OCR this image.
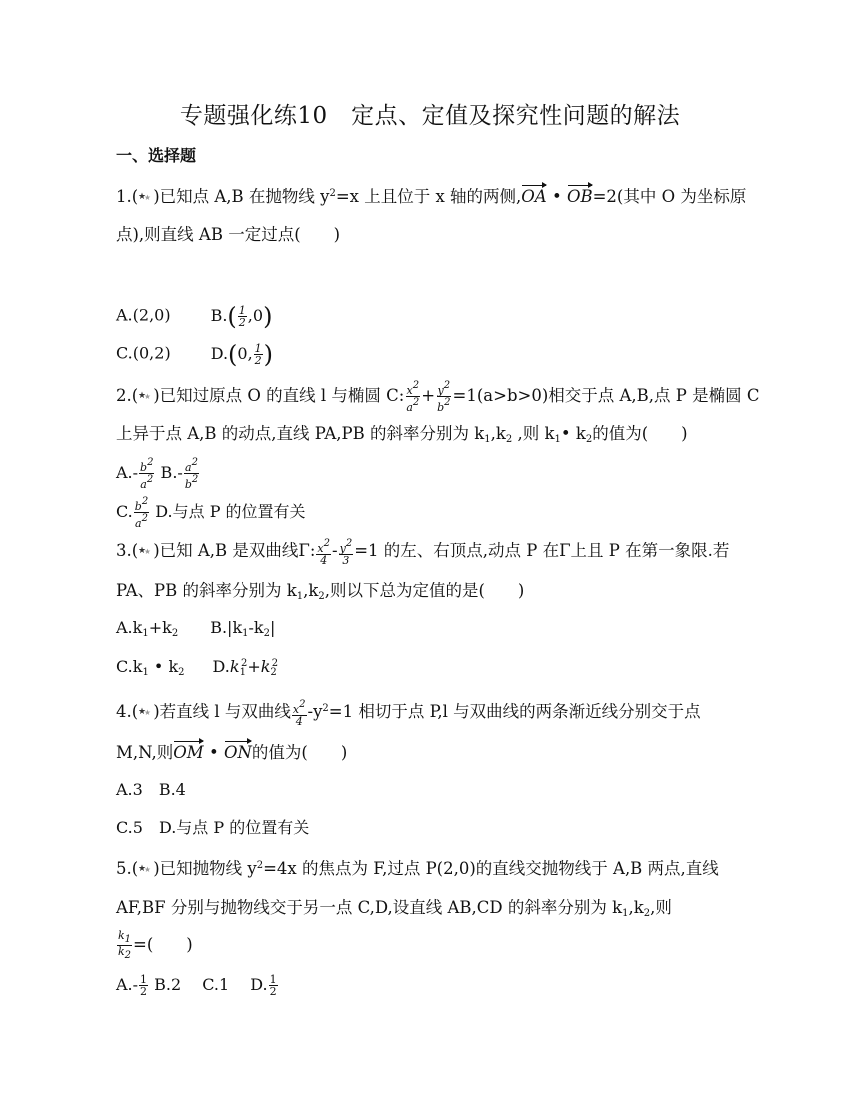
专题强化练10　定点、定值及探究性问题的解法
一、选择题
1.( )已知点 A,B 在抛物线 $y^2=x$ 上且位于 x 轴的两侧,OA • OB=2(其中 O 为坐标原
点),则直线 AB 一定过点(　　)
A.(2,0)	$B.( \frac{1}{2} ,0)$
C.(0,2)	D.(0, $\frac{1}{2}$ )
2.( )已知过原点 O 的直线 l 与椭圆 C: $\frac{x^2}{a^2} + \frac{y^2}{b^2} =1(a>b>0)$相交于点 A,B,点 P 是椭圆 C
上异于点 A,B 的动点,直线 PA,PB 的斜率分别为 $k_1,k_2$ ,则 $k_1•$ $k_2$的值为(　　)
$A.- \frac{b^2}{a^2} B.- \frac{a^2}{b^2}$
C. $\frac{b^2}{a^2} D$.与点 P 的位置有关
3.( )已知 A,B 是双曲线Γ: $\frac{x^2}{4} - \frac{y^2}{3} =1$ 的左、右顶点,动点 P 在Γ上且 P 在第一象限.若
PA、PB 的斜率分别为 $k_1,k_2$,则以下总为定值的是(　　)
$A.k_1+k_2$ $B.|k_1-k_2|$
$C.k_1$ • $k_2$ $D.k_1^2+k_2^2$
4.( )若直线 l 与双曲线 $\frac{x^2}{4} -y^2=1$ 相切于点 P,l 与双曲线的两条渐近线分别交于点
M,N,则OM • ON的值为(　　)
A.3　B.4
C.5　D.与点 P 的位置有关
5.( )已知抛物线 $y^2=4x$ 的焦点为 F,过点 P(2,0)的直线交抛物线于 A,B 两点,直线
AF,BF 分别与抛物线交于另一点 C,D,设直线 AB,CD 的斜率分别为 $k_1,k_2$,则
$\frac{k_1}{k_2}$ =(　　)
$A.- \frac{1}{2} B.2$　 C.1　 D. $\frac{1}{2}$
